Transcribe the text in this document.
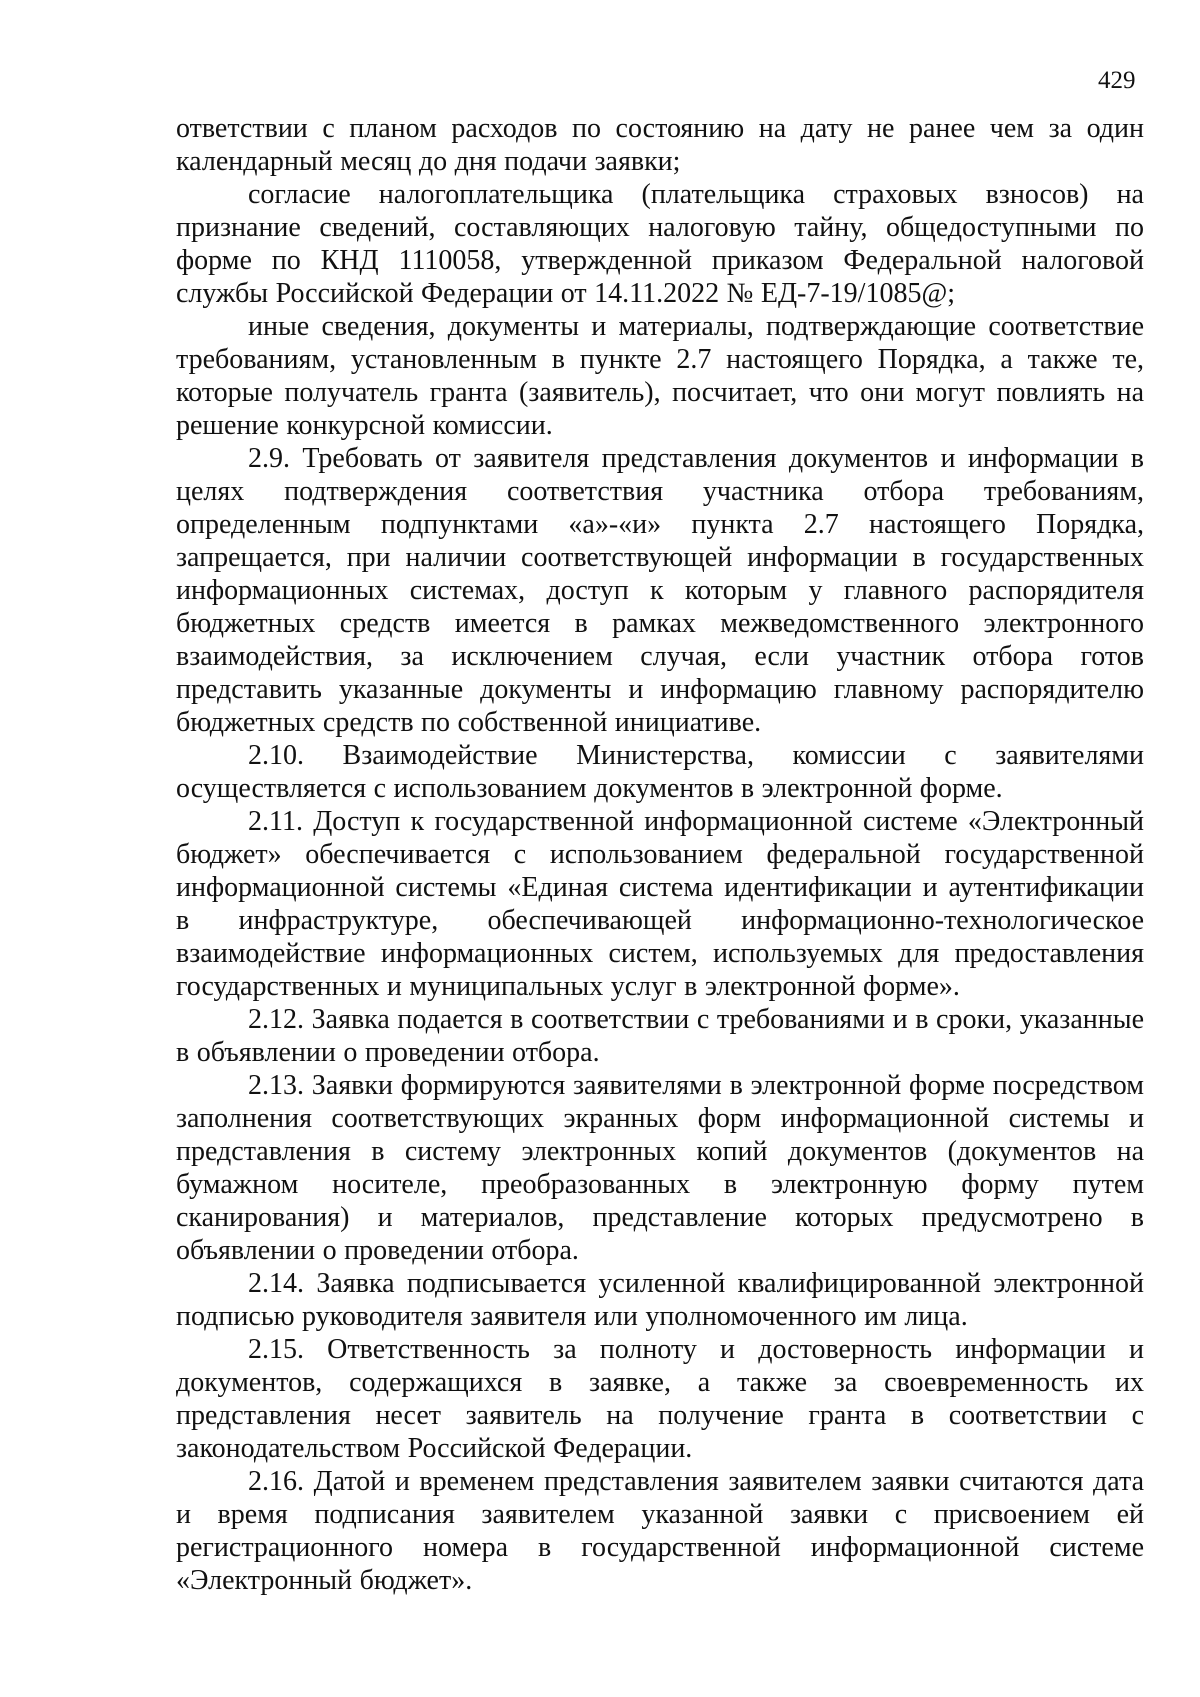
429

ответствии с планом расходов по состоянию на дату не ранее чем за один календарный месяц до дня подачи заявки;

согласие налогоплательщика (плательщика страховых взносов) на признание сведений, составляющих налоговую тайну, общедоступными по форме по КНД 1110058, утвержденной приказом Федеральной налоговой службы Российской Федерации от 14.11.2022 № ЕД-7-19/1085@;

иные сведения, документы и материалы, подтверждающие соответствие требованиям, установленным в пункте 2.7 настоящего Порядка, а также те, которые получатель гранта (заявитель), посчитает, что они могут повлиять на решение конкурсной комиссии.

2.9. Требовать от заявителя представления документов и информации в целях подтверждения соответствия участника отбора требованиям, определенным подпунктами «а»-«и» пункта 2.7 настоящего Порядка, запрещается, при наличии соответствующей информации в государственных информационных системах, доступ к которым у главного распорядителя бюджетных средств имеется в рамках межведомственного электронного взаимодействия, за исключением случая, если участник отбора готов представить указанные документы и информацию главному распорядителю бюджетных средств по собственной инициативе.

2.10. Взаимодействие Министерства, комиссии с заявителями осуществляется с использованием документов в электронной форме.

2.11. Доступ к государственной информационной системе «Электронный бюджет» обеспечивается с использованием федеральной государственной информационной системы «Единая система идентификации и аутентификации в инфраструктуре, обеспечивающей информационно-технологическое взаимодействие информационных систем, используемых для предоставления государственных и муниципальных услуг в электронной форме».

2.12. Заявка подается в соответствии с требованиями и в сроки, указанные в объявлении о проведении отбора.

2.13. Заявки формируются заявителями в электронной форме посредством заполнения соответствующих экранных форм информационной системы и представления в систему электронных копий документов (документов на бумажном носителе, преобразованных в электронную форму путем сканирования) и материалов, представление которых предусмотрено в объявлении о проведении отбора.

2.14. Заявка подписывается усиленной квалифицированной электронной подписью руководителя заявителя или уполномоченного им лица.

2.15. Ответственность за полноту и достоверность информации и документов, содержащихся в заявке, а также за своевременность их представления несет заявитель на получение гранта в соответствии с законодательством Российской Федерации.

2.16. Датой и временем представления заявителем заявки считаются дата и время подписания заявителем указанной заявки с присвоением ей регистрационного номера в государственной информационной системе «Электронный бюджет».
